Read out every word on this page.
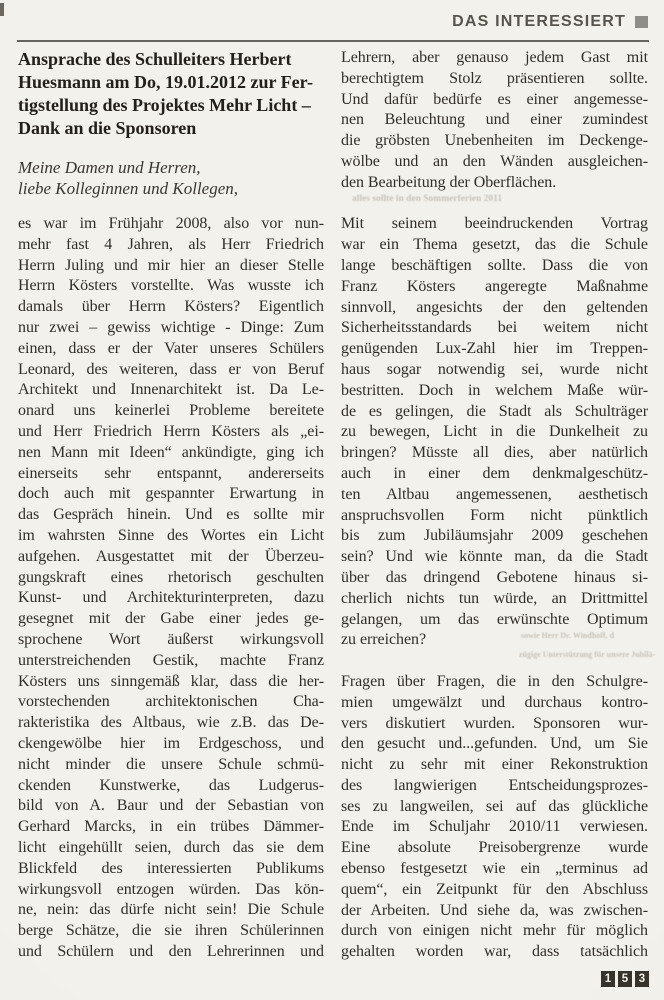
DAS INTERESSIERT
alles sollte in den Sommerferien 2011
sowie Herr Dr. Windhoff, d
zügige Unterstützung für unsere Jubilä-
Ansprache des Schulleiters Herbert
Huesmann am Do, 19.01.2012 zur Fer-
tigstellung des Projektes Mehr Licht –
Dank an die Sponsoren
Meine Damen und Herren,
liebe Kolleginnen und Kollegen,
es war im Frühjahr 2008, also vor nun-
mehr fast 4 Jahren, als Herr Friedrich
Herrn Juling und mir hier an dieser Stelle
Herrn Kösters vorstellte. Was wusste ich
damals über Herrn Kösters? Eigentlich
nur zwei – gewiss wichtige - Dinge: Zum
einen, dass er der Vater unseres Schülers
Leonard, des weiteren, dass er von Beruf
Architekt und Innenarchitekt ist. Da Le-
onard uns keinerlei Probleme bereitete
und Herr Friedrich Herrn Kösters als „ei-
nen Mann mit Ideen“ ankündigte, ging ich
einerseits sehr entspannt, andererseits
doch auch mit gespannter Erwartung in
das Gespräch hinein. Und es sollte mir
im wahrsten Sinne des Wortes ein Licht
aufgehen. Ausgestattet mit der Überzeu-
gungskraft eines rhetorisch geschulten
Kunst- und Architekturinterpreten, dazu
gesegnet mit der Gabe einer jedes ge-
sprochene Wort äußerst wirkungsvoll
unterstreichenden Gestik, machte Franz
Kösters uns sinngemäß klar, dass die her-
vorstechenden architektonischen Cha-
rakteristika des Altbaus, wie z.B. das De-
ckengewölbe hier im Erdgeschoss, und
nicht minder die unsere Schule schmü-
ckenden Kunstwerke, das Ludgerus-
bild von A. Baur und der Sebastian von
Gerhard Marcks, in ein trübes Dämmer-
licht eingehüllt seien, durch das sie dem
Blickfeld des interessierten Publikums
wirkungsvoll entzogen würden. Das kön-
ne, nein: das dürfe nicht sein! Die Schule
berge Schätze, die sie ihren Schülerinnen
und Schülern und den Lehrerinnen und
Lehrern, aber genauso jedem Gast mit
berechtigtem Stolz präsentieren sollte.
Und dafür bedürfe es einer angemesse-
nen Beleuchtung und einer zumindest
die gröbsten Unebenheiten im Deckenge-
wölbe und an den Wänden ausgleichen-
den Bearbeitung der Oberflächen.
Mit seinem beeindruckenden Vortrag
war ein Thema gesetzt, das die Schule
lange beschäftigen sollte. Dass die von
Franz Kösters angeregte Maßnahme
sinnvoll, angesichts der den geltenden
Sicherheitsstandards bei weitem nicht
genügenden Lux-Zahl hier im Treppen-
haus sogar notwendig sei, wurde nicht
bestritten. Doch in welchem Maße wür-
de es gelingen, die Stadt als Schulträger
zu bewegen, Licht in die Dunkelheit zu
bringen? Müsste all dies, aber natürlich
auch in einer dem denkmalgeschütz-
ten Altbau angemessenen, aesthetisch
anspruchsvollen Form nicht pünktlich
bis zum Jubiläumsjahr 2009 geschehen
sein? Und wie könnte man, da die Stadt
über das dringend Gebotene hinaus si-
cherlich nichts tun würde, an Drittmittel
gelangen, um das erwünschte Optimum
zu erreichen?
Fragen über Fragen, die in den Schulgre-
mien umgewälzt und durchaus kontro-
vers diskutiert wurden. Sponsoren wur-
den gesucht und...gefunden. Und, um Sie
nicht zu sehr mit einer Rekonstruktion
des langwierigen Entscheidungsprozes-
ses zu langweilen, sei auf das glückliche
Ende im Schuljahr 2010/11 verwiesen.
Eine absolute Preisobergrenze wurde
ebenso festgesetzt wie ein „terminus ad
quem“, ein Zeitpunkt für den Abschluss
der Arbeiten. Und siehe da, was zwischen-
durch von einigen nicht mehr für möglich
gehalten worden war, dass tatsächlich
1 5 3
